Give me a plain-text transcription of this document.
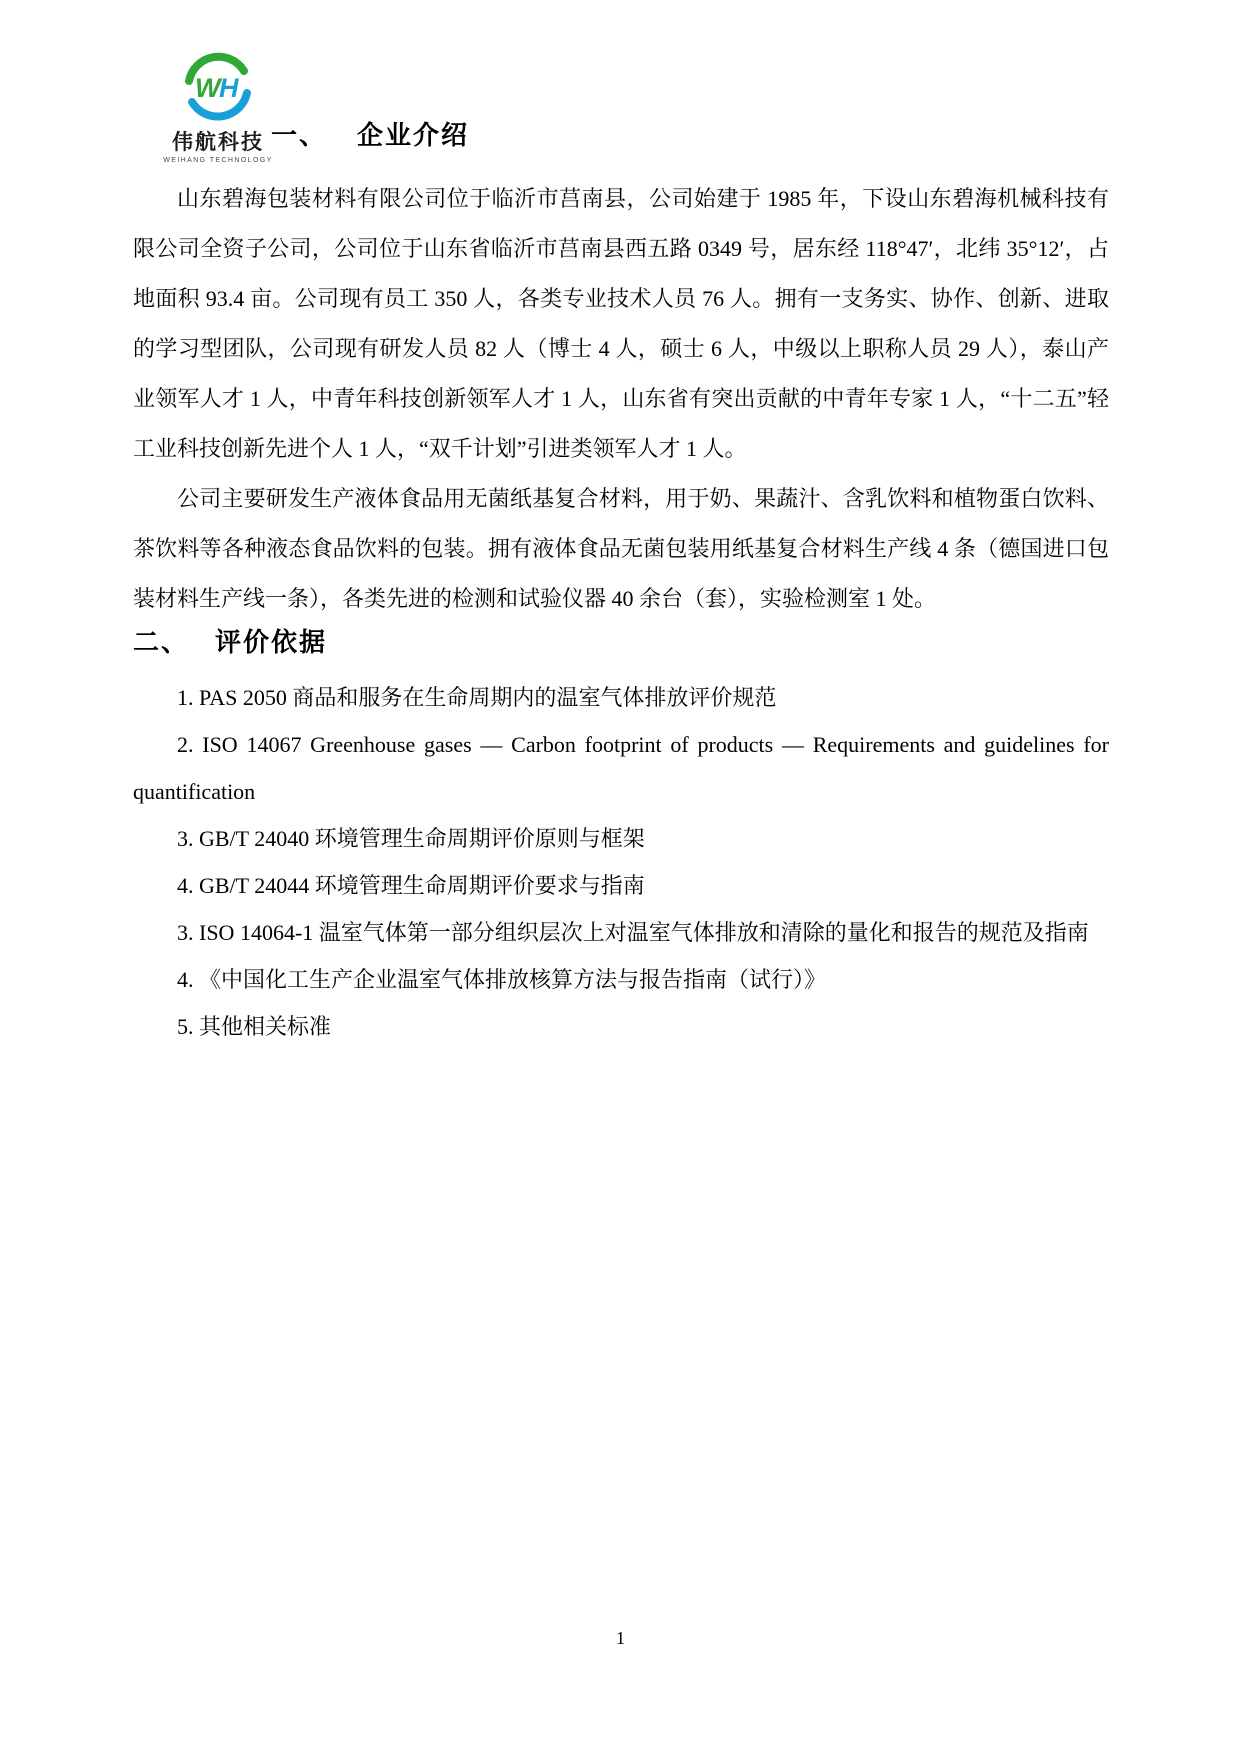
W
H
伟航科技
WEIHANG TECHNOLOGY
一、 企业介绍

山东碧海包装材料有限公司位于临沂市莒南县，公司始建于 1985 年，下设山东碧海机械科技有限公司全资子公司，公司位于山东省临沂市莒南县西五路 0349 号，居东经 118°47′，北纬 35°12′，占地面积 93.4 亩。公司现有员工 350 人，各类专业技术人员 76 人。拥有一支务实、协作、创新、进取的学习型团队，公司现有研发人员 82 人（博士 4 人，硕士 6 人，中级以上职称人员 29 人），泰山产业领军人才 1 人，中青年科技创新领军人才 1 人，山东省有突出贡献的中青年专家 1 人，“十二五”轻工业科技创新先进个人 1 人，“双千计划”引进类领军人才 1 人。

公司主要研发生产液体食品用无菌纸基复合材料，用于奶、果蔬汁、含乳饮料和植物蛋白饮料、茶饮料等各种液态食品饮料的包装。拥有液体食品无菌包装用纸基复合材料生产线 4 条（德国进口包装材料生产线一条），各类先进的检测和试验仪器 40 余台（套），实验检测室 1 处。

二、 评价依据

1. PAS 2050 商品和服务在生命周期内的温室气体排放评价规范

2. ISO 14067 Greenhouse gases — Carbon footprint of products — Requirements and guidelines for quantification

3. GB/T 24040 环境管理生命周期评价原则与框架

4. GB/T 24044 环境管理生命周期评价要求与指南

3. ISO 14064-1 温室气体第一部分组织层次上对温室气体排放和清除的量化和报告的规范及指南

4. 《中国化工生产企业温室气体排放核算方法与报告指南（试行）》

5. 其他相关标准

1
